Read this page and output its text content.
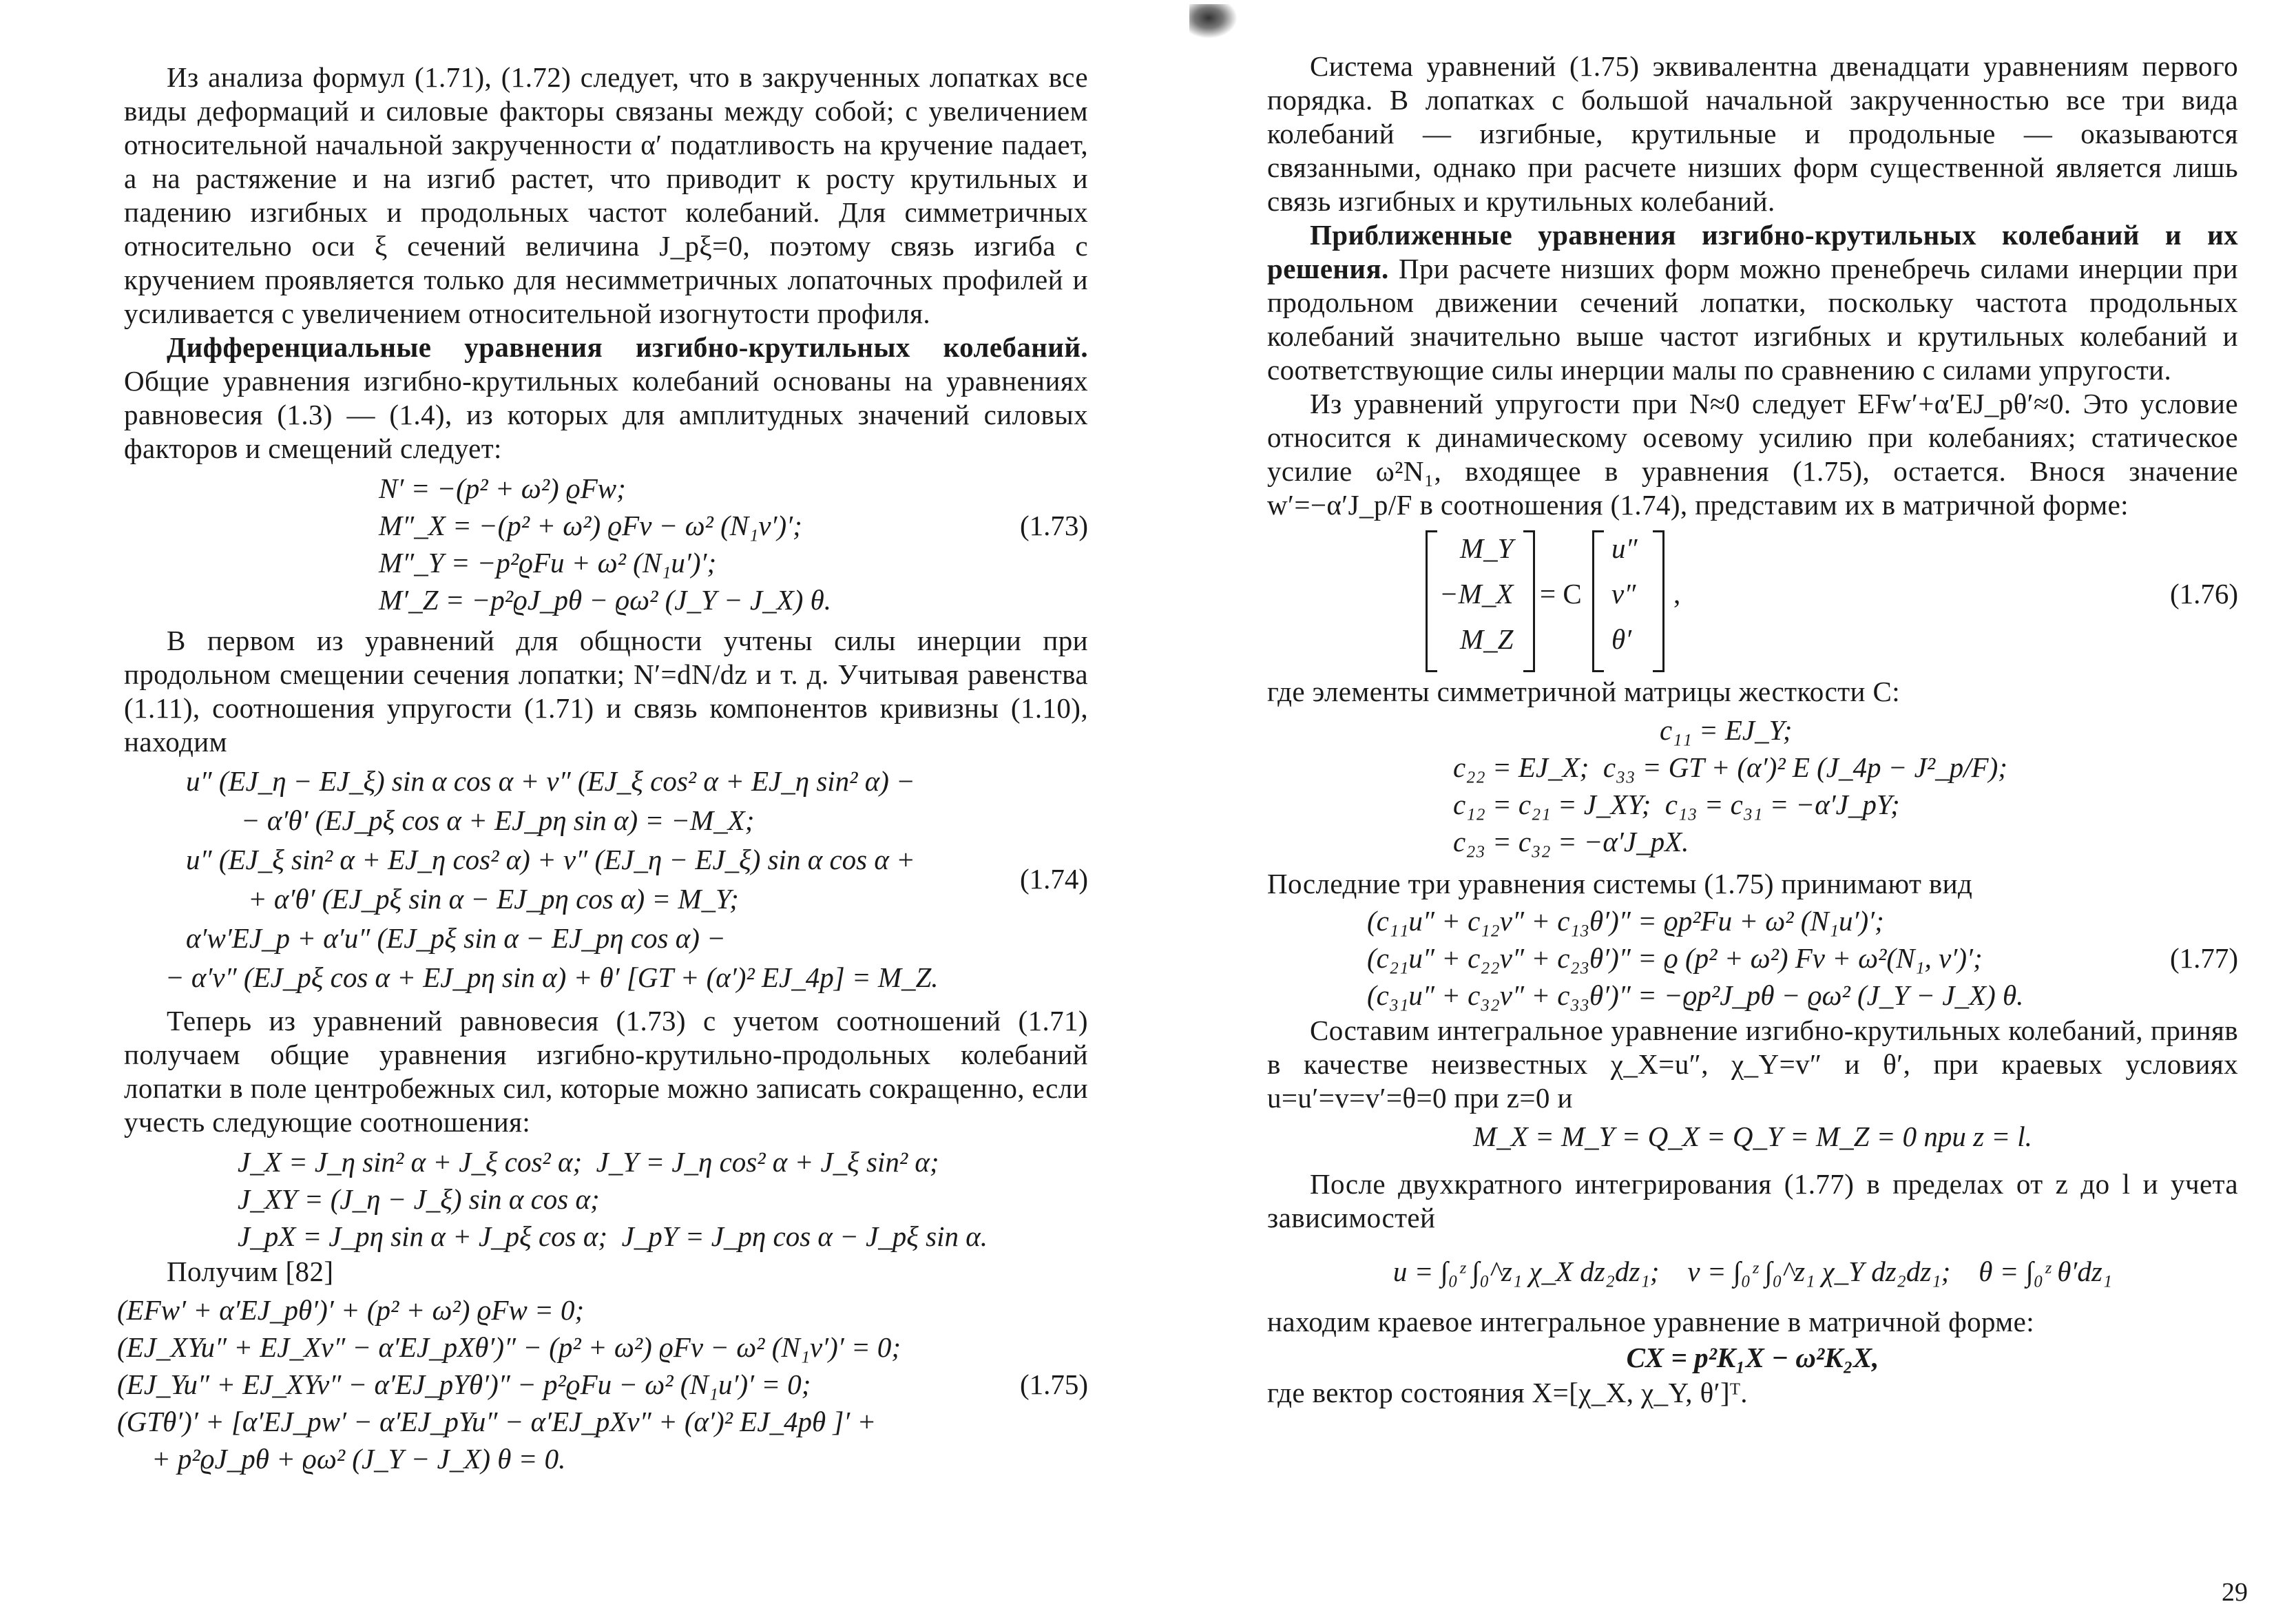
Из анализа формул (1.71), (1.72) следует, что в закрученных лопатках все виды деформаций и силовые факторы связаны между собой; с увеличением относительной начальной закрученности α′ податливость на кручение падает, а на растяжение и на изгиб растет, что приводит к росту крутильных и падению изгибных и продольных частот колебаний. Для симметричных относительно оси ξ сечений величина J_pξ=0, поэтому связь изгиба с кручением проявляется только для несимметричных лопаточных профилей и усиливается с увеличением относительной изогнутости профиля.

Дифференциальные уравнения изгибно-крутильных колебаний. Общие уравнения изгибно-крутильных колебаний основаны на уравнениях равновесия (1.3) — (1.4), из которых для амплитудных значений силовых факторов и смещений следует:

N′ = −(p² + ω²) ϱFw;
M″_X = −(p² + ω²) ϱFv − ω² (N₁v′)′;
M″_Y = −p²ϱFu + ω² (N₁u′)′;
M′_Z = −p²ϱJ_pθ − ϱω² (J_Y − J_X) θ.
(1.73)

В первом из уравнений для общности учтены силы инерции при продольном смещении сечения лопатки; N′=dN/dz и т. д. Учитывая равенства (1.11), соотношения упругости (1.71) и связь компонентов кривизны (1.10), находим

u″ (EJ_η − EJ_ξ) sin α cos α + v″ (EJ_ξ cos² α + EJ_η sin² α) −
− α′θ′ (EJ_pξ cos α + EJ_pη sin α) = −M_X;
u″ (EJ_ξ sin² α + EJ_η cos² α) + v″ (EJ_η − EJ_ξ) sin α cos α +
+ α′θ′ (EJ_pξ sin α − EJ_pη cos α) = M_Y;
α′w′EJ_p + α′u″ (EJ_pξ sin α − EJ_pη cos α) −
− α′v″ (EJ_pξ cos α + EJ_pη sin α) + θ′ [GT + (α′)² EJ_4p] = M_Z.
(1.74)

Теперь из уравнений равновесия (1.73) с учетом соотношений (1.71) получаем общие уравнения изгибно-крутильно-продольных колебаний лопатки в поле центробежных сил, которые можно записать сокращенно, если учесть следующие соотношения:

J_X = J_η sin² α + J_ξ cos² α;  J_Y = J_η cos² α + J_ξ sin² α;
J_XY = (J_η − J_ξ) sin α cos α;
J_pX = J_pη sin α + J_pξ cos α;  J_pY = J_pη cos α − J_pξ sin α.

Получим [82]

(EFw′ + α′EJ_pθ′)′ + (p² + ω²) ϱFw = 0;
(EJ_XYu″ + EJ_Xv″ − α′EJ_pXθ′)″ − (p² + ω²) ϱFv − ω² (N₁v′)′ = 0;
(EJ_Yu″ + EJ_XYv″ − α′EJ_pYθ′)″ − p²ϱFu − ω² (N₁u′)′ = 0;
(GTθ′)′ + [α′EJ_pw′ − α′EJ_pYu″ − α′EJ_pXv″ + (α′)² EJ_4pθ ]′ +
+ p²ϱJ_pθ + ϱω² (J_Y − J_X) θ = 0.
(1.75)

Система уравнений (1.75) эквивалентна двенадцати уравнениям первого порядка. В лопатках с большой начальной закрученностью все три вида колебаний — изгибные, крутильные и продольные — оказываются связанными, однако при расчете низших форм существенной является лишь связь изгибных и крутильных колебаний.

Приближенные уравнения изгибно-крутильных колебаний и их решения. При расчете низших форм можно пренебречь силами инерции при продольном движении сечений лопатки, поскольку частота продольных колебаний значительно выше частот изгибных и крутильных колебаний и соответствующие силы инерции малы по сравнению с силами упругости.

Из уравнений упругости при N≈0 следует EFw′+α′EJ_pθ′≈0. Это условие относится к динамическому осевому усилию при колебаниях; статическое усилие ω²N₁, входящее в уравнения (1.75), остается. Внося значение w′=−α′J_p/F в соотношения (1.74), представим их в матричной форме:

M_Y
−M_X
M_Z
= C
u″
v″
θ′
,	(1.76)

где элементы симметричной матрицы жесткости C:

c₁₁ = EJ_Y;
c₂₂ = EJ_X;  c₃₃ = GT + (α′)² E (J_4p − J²_p/F);
c₁₂ = c₂₁ = J_XY;  c₁₃ = c₃₁ = −α′J_pY;
c₂₃ = c₃₂ = −α′J_pX.

Последние три уравнения системы (1.75) принимают вид

(c₁₁u″ + c₁₂v″ + c₁₃θ′)″ = ϱp²Fu + ω² (N₁u′)′;
(c₂₁u″ + c₂₂v″ + c₂₃θ′)″ = ϱ (p² + ω²) Fv + ω²(N₁, v′)′;
(c₃₁u″ + c₃₂v″ + c₃₃θ′)″ = −ϱp²J_pθ − ϱω² (J_Y − J_X) θ.
(1.77)

Составим интегральное уравнение изгибно-крутильных колебаний, приняв в качестве неизвестных χ_X=u″, χ_Y=v″ и θ′, при краевых условиях u=u′=v=v′=θ=0 при z=0 и

M_X = M_Y = Q_X = Q_Y = M_Z = 0 при z = l.

После двухкратного интегрирования (1.77) в пределах от z до l и учета зависимостей

u = ∫₀ᶻ ∫₀^z₁ χ_X dz₂dz₁;    v = ∫₀ᶻ ∫₀^z₁ χ_Y dz₂dz₁;    θ = ∫₀ᶻ θ′dz₁

находим краевое интегральное уравнение в матричной форме:

CX = p²K₁X − ω²K₂X,

где вектор состояния X=[χ_X, χ_Y, θ′]ᵀ.

29
